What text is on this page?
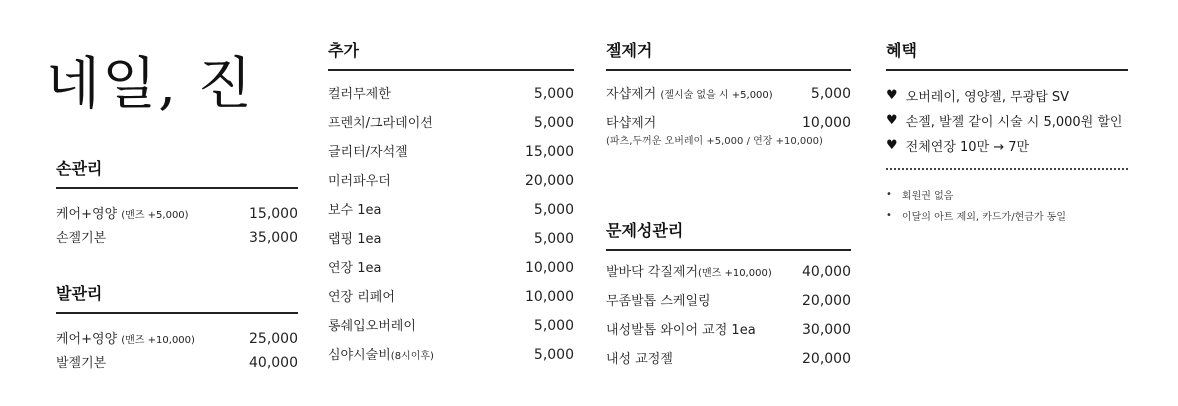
네일, 진
손관리
케어+영양 (맨즈 +5,000)	15,000
손젤기본	35,000
발관리
케어+영양 (맨즈 +10,000)	25,000
발젤기본	40,000
추가
컬러무제한	5,000
프렌치/그라데이션	5,000
글리터/자석젤	15,000
미러파우더	20,000
보수 1ea	5,000
랩핑 1ea	5,000
연장 1ea	10,000
연장 리페어	10,000
롱쉐입오버레이	5,000
심야시술비(8시이후)	5,000
젤제거
자샵제거 (젤시술 없을 시 +5,000)	5,000
타샵제거	10,000
(파츠,두꺼운 오버레이 +5,000 / 연장 +10,000)
문제성관리
발바닥 각질제거(맨즈 +10,000) 40,000
무좀발톱 스케일링	20,000
내성발톱 와이어 교정 1ea	30,000
내성 교정젤	20,000
혜택
♥ 오버레이, 영양젤, 무광탑 SV
♥ 손젤, 발젤 같이 시술 시 5,000원 할인
♥ 전체연장 10만 → 7만
• 회원권 없음
• 이달의 아트 제외, 카드가/현금가 동일
